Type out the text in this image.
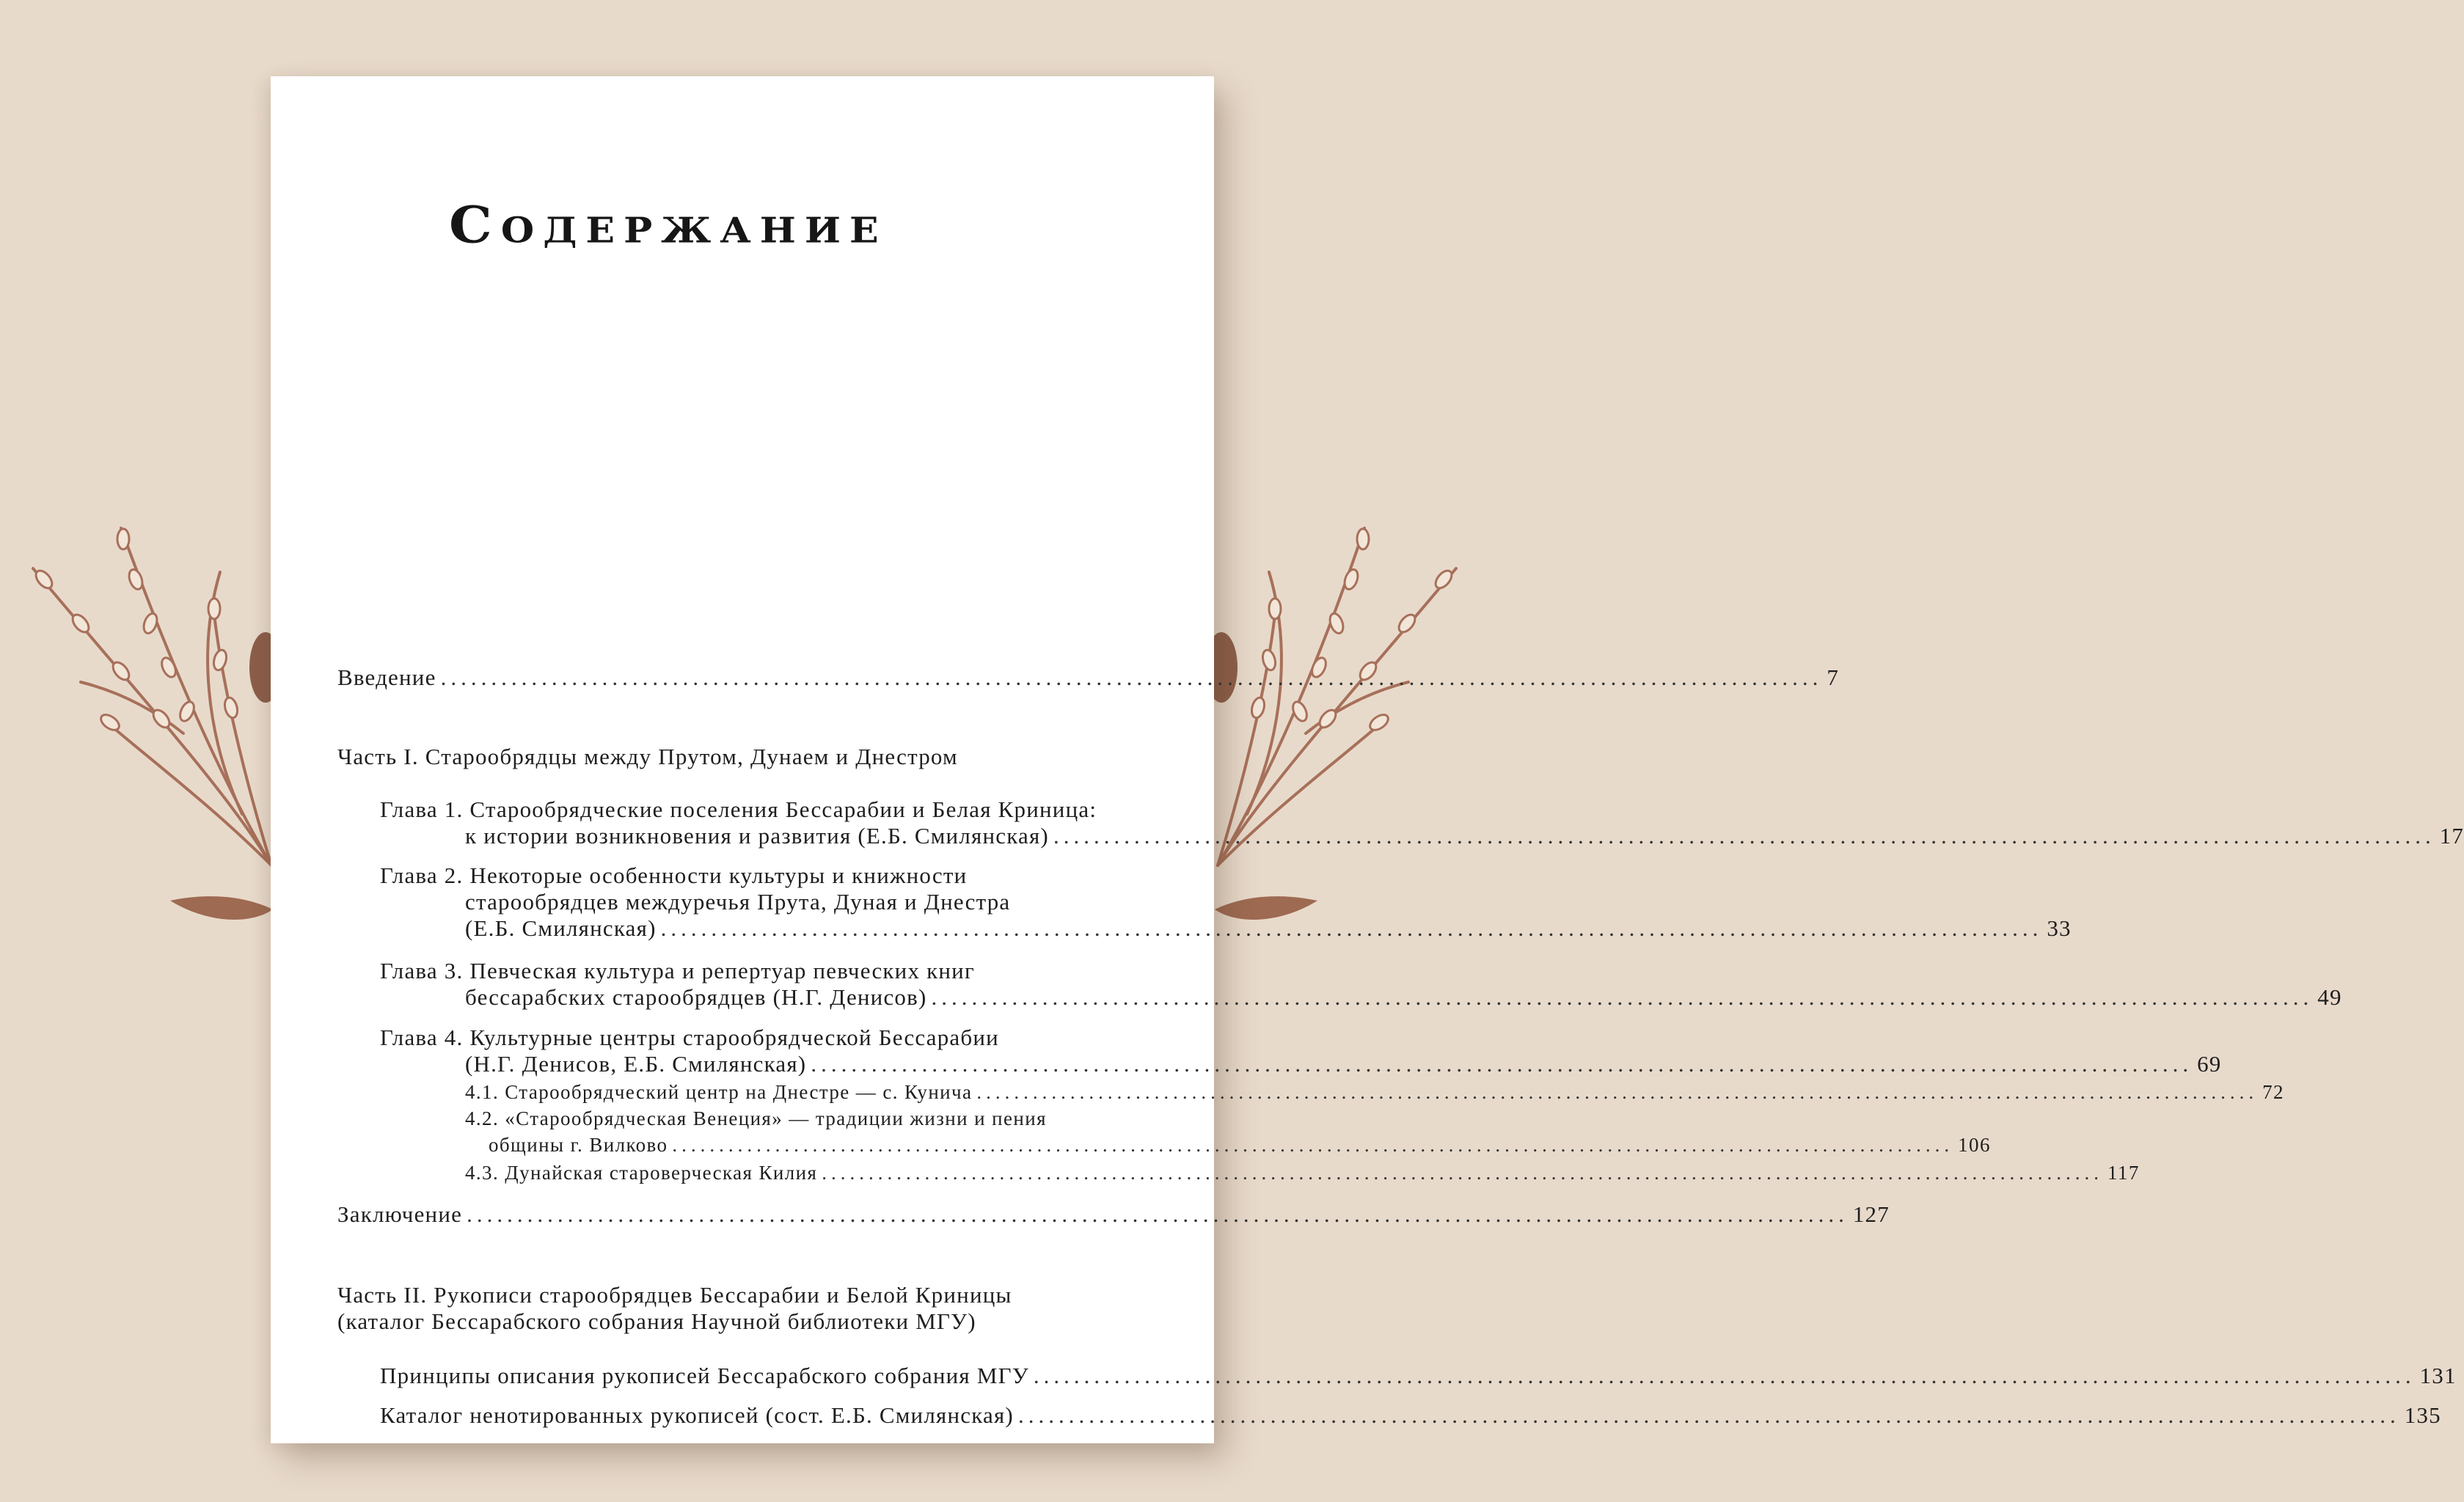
Содержание
Введение ......................................................................................................................................... 7
Часть I. Старообрядцы между Прутом, Дунаем и Днестром
Глава 1. Старообрядческие поселения Бессарабии и Белая Криница:
к истории возникновения и развития (Е.Б. Смилянская) ......................................................................................................................................... 17
Глава 2. Некоторые особенности культуры и книжности
старообрядцев междуречья Прута, Дуная и Днестра
(Е.Б. Смилянская) ......................................................................................................................................... 33
Глава 3. Певческая культура и репертуар певческих книг
бессарабских старообрядцев (Н.Г. Денисов) ......................................................................................................................................... 49
Глава 4. Культурные центры старообрядческой Бессарабии
(Н.Г. Денисов, Е.Б. Смилянская) ......................................................................................................................................... 69
4.1. Старообрядческий центр на Днестре — с. Кунича ......................................................................................................................................... 72
4.2. «Старообрядческая Венеция» — традиции жизни и пения
общины г. Вилково ......................................................................................................................................... 106
4.3. Дунайская староверческая Килия ......................................................................................................................................... 117
Заключение ......................................................................................................................................... 127
Часть II. Рукописи старообрядцев Бессарабии и Белой Криницы
(каталог Бессарабского собрания Научной библиотеки МГУ)
Принципы описания рукописей Бессарабского собрания МГУ ......................................................................................................................................... 131
Каталог ненотированных рукописей (сост. Е.Б. Смилянская) ......................................................................................................................................... 135
